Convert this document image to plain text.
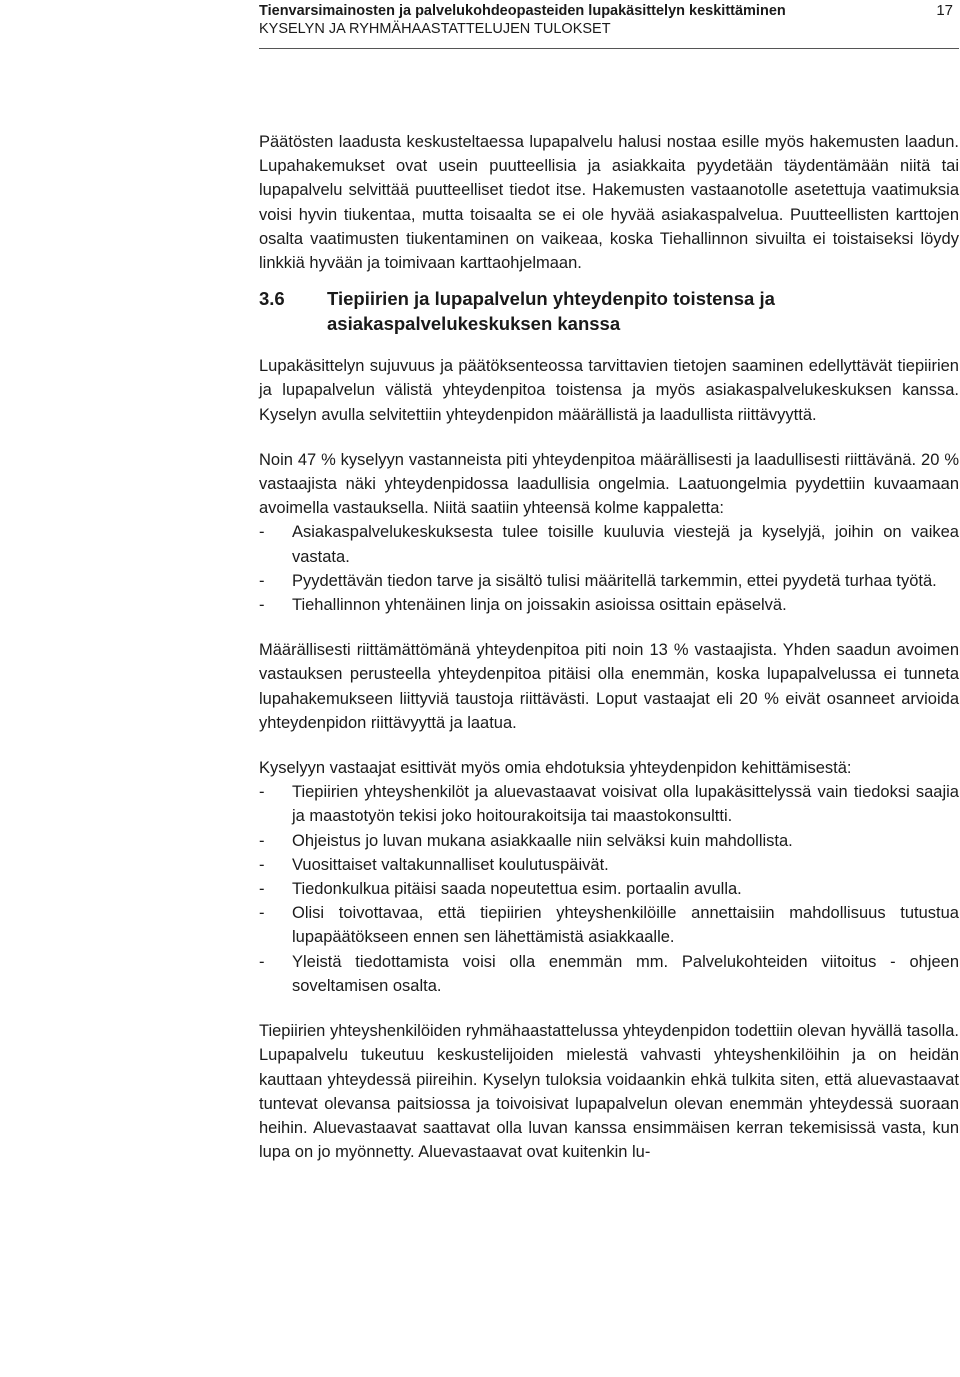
Tienvarsimainosten ja palvelukohdeopasteiden lupakäsittelyn keskittäminen
KYSELYN JA RYHMÄHAASTATTELUJEN TULOKSET
17

Päätösten laadusta keskusteltaessa lupapalvelu halusi nostaa esille myös hakemusten laadun. Lupahakemukset ovat usein puutteellisia ja asiakkaita pyydetään täydentämään niitä tai lupapalvelu selvittää puutteelliset tiedot itse. Hakemusten vastaanotolle asetettuja vaatimuksia voisi hyvin tiukentaa, mutta toisaalta se ei ole hyvää asiakaspalvelua. Puutteellisten karttojen osalta vaatimusten tiukentaminen on vaikeaa, koska Tiehallinnon sivuilta ei toistaiseksi löydy linkkiä hyvään ja toimivaan karttaohjelmaan.

3.6	Tiepiirien ja lupapalvelun yhteydenpito toistensa ja asiakaspalvelukeskuksen kanssa

Lupakäsittelyn sujuvuus ja päätöksenteossa tarvittavien tietojen saaminen edellyttävät tiepiirien ja lupapalvelun välistä yhteydenpitoa toistensa ja myös asiakaspalvelukeskuksen kanssa. Kyselyn avulla selvitettiin yhteydenpidon määrällistä ja laadullista riittävyyttä.

Noin 47 % kyselyyn vastanneista piti yhteydenpitoa määrällisesti ja laadullisesti riittävänä. 20 % vastaajista näki yhteydenpidossa laadullisia ongelmia. Laatuongelmia pyydettiin kuvaamaan avoimella vastauksella. Niitä saatiin yhteensä kolme kappaletta:

-	Asiakaspalvelukeskuksesta tulee toisille kuuluvia viestejä ja kyselyjä, joihin on vaikea vastata.
-	Pyydettävän tiedon tarve ja sisältö tulisi määritellä tarkemmin, ettei pyydetä turhaa työtä.
-	Tiehallinnon yhtenäinen linja on joissakin asioissa osittain epäselvä.

Määrällisesti riittämättömänä yhteydenpitoa piti noin 13 % vastaajista. Yhden saadun avoimen vastauksen perusteella yhteydenpitoa pitäisi olla enemmän, koska lupapalvelussa ei tunneta lupahakemukseen liittyviä taustoja riittävästi. Loput vastaajat eli 20 % eivät osanneet arvioida yhteydenpidon riittävyyttä ja laatua.

Kyselyyn vastaajat esittivät myös omia ehdotuksia yhteydenpidon kehittämisestä:

-	Tiepiirien yhteyshenkilöt ja aluevastaavat voisivat olla lupakäsittelyssä vain tiedoksi saajia ja maastotyön tekisi joko hoitourakoitsija tai maastokonsultti.
-	Ohjeistus jo luvan mukana asiakkaalle niin selväksi kuin mahdollista.
-	Vuosittaiset valtakunnalliset koulutuspäivät.
-	Tiedonkulkua pitäisi saada nopeutettua esim. portaalin avulla.
-	Olisi toivottavaa, että tiepiirien yhteyshenkilöille annettaisiin mahdollisuus tutustua lupapäätökseen ennen sen lähettämistä asiakkaalle.
-	Yleistä tiedottamista voisi olla enemmän mm. Palvelukohteiden viitoitus - ohjeen soveltamisen osalta.

Tiepiirien yhteyshenkilöiden ryhmähaastattelussa yhteydenpidon todettiin olevan hyvällä tasolla. Lupapalvelu tukeutuu keskustelijoiden mielestä vahvasti yhteyshenkilöihin ja on heidän kauttaan yhteydessä piireihin. Kyselyn tuloksia voidaankin ehkä tulkita siten, että aluevastaavat tuntevat olevansa paitsiossa ja toivoisivat lupapalvelun olevan enemmän yhteydessä suoraan heihin. Aluevastaavat saattavat olla luvan kanssa ensimmäisen kerran tekemisissä vasta, kun lupa on jo myönnetty. Aluevastaavat ovat kuitenkin lu-
